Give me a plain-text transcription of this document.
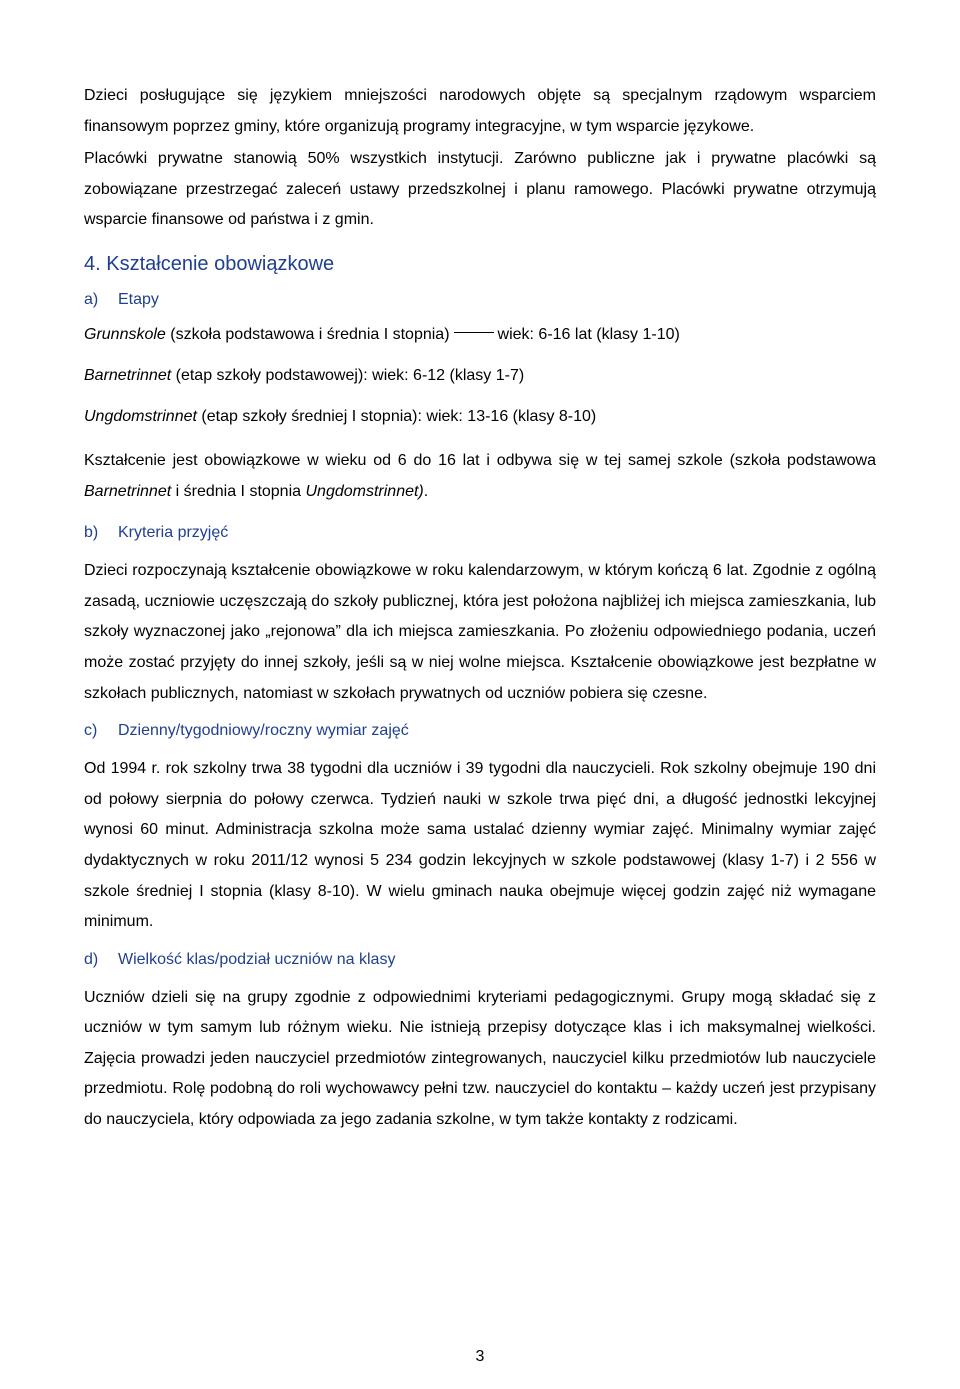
Dzieci posługujące się językiem mniejszości narodowych objęte są specjalnym rządowym wsparciem finansowym poprzez gminy, które organizują programy integracyjne, w tym wsparcie językowe.

Placówki prywatne stanowią 50% wszystkich instytucji. Zarówno publiczne jak i prywatne placówki są zobowiązane przestrzegać zaleceń ustawy przedszkolnej i planu ramowego. Placówki prywatne otrzymują wsparcie finansowe od państwa i z gmin.

4. Kształcenie obowiązkowe
a) Etapy
Grunnskole (szkoła podstawowa i średnia I stopnia)	wiek: 6-16 lat (klasy 1-10)
Barnetrinnet (etap szkoły podstawowej): wiek: 6-12 (klasy 1-7)
Ungdomstrinnet (etap szkoły średniej I stopnia): wiek: 13-16 (klasy 8-10)

Kształcenie jest obowiązkowe w wieku od 6 do 16 lat i odbywa się w tej samej szkole (szkoła podstawowa Barnetrinnet i średnia I stopnia Ungdomstrinnet).

b) Kryteria przyjęć

Dzieci rozpoczynają kształcenie obowiązkowe w roku kalendarzowym, w którym kończą 6 lat. Zgodnie z ogólną zasadą, uczniowie uczęszczają do szkoły publicznej, która jest położona najbliżej ich miejsca zamieszkania, lub szkoły wyznaczonej jako „rejonowa” dla ich miejsca zamieszkania. Po złożeniu odpowiedniego podania, uczeń może zostać przyjęty do innej szkoły, jeśli są w niej wolne miejsca. Kształcenie obowiązkowe jest bezpłatne w szkołach publicznych, natomiast w szkołach prywatnych od uczniów pobiera się czesne.

c) Dzienny/tygodniowy/roczny wymiar zajęć

Od 1994 r. rok szkolny trwa 38 tygodni dla uczniów i 39 tygodni dla nauczycieli. Rok szkolny obejmuje 190 dni od połowy sierpnia do połowy czerwca. Tydzień nauki w szkole trwa pięć dni, a długość jednostki lekcyjnej wynosi 60 minut. Administracja szkolna może sama ustalać dzienny wymiar zajęć. Minimalny wymiar zajęć dydaktycznych w roku 2011/12 wynosi 5 234 godzin lekcyjnych w szkole podstawowej (klasy 1-7) i 2 556 w szkole średniej I stopnia (klasy 8-10). W wielu gminach nauka obejmuje więcej godzin zajęć niż wymagane minimum.

d) Wielkość klas/podział uczniów na klasy

Uczniów dzieli się na grupy zgodnie z odpowiednimi kryteriami pedagogicznymi. Grupy mogą składać się z uczniów w tym samym lub różnym wieku. Nie istnieją przepisy dotyczące klas i ich maksymalnej wielkości. Zajęcia prowadzi jeden nauczyciel przedmiotów zintegrowanych, nauczyciel kilku przedmiotów lub nauczyciele przedmiotu. Rolę podobną do roli wychowawcy pełni tzw. nauczyciel do kontaktu – każdy uczeń jest przypisany do nauczyciela, który odpowiada za jego zadania szkolne, w tym także kontakty z rodzicami.

3
